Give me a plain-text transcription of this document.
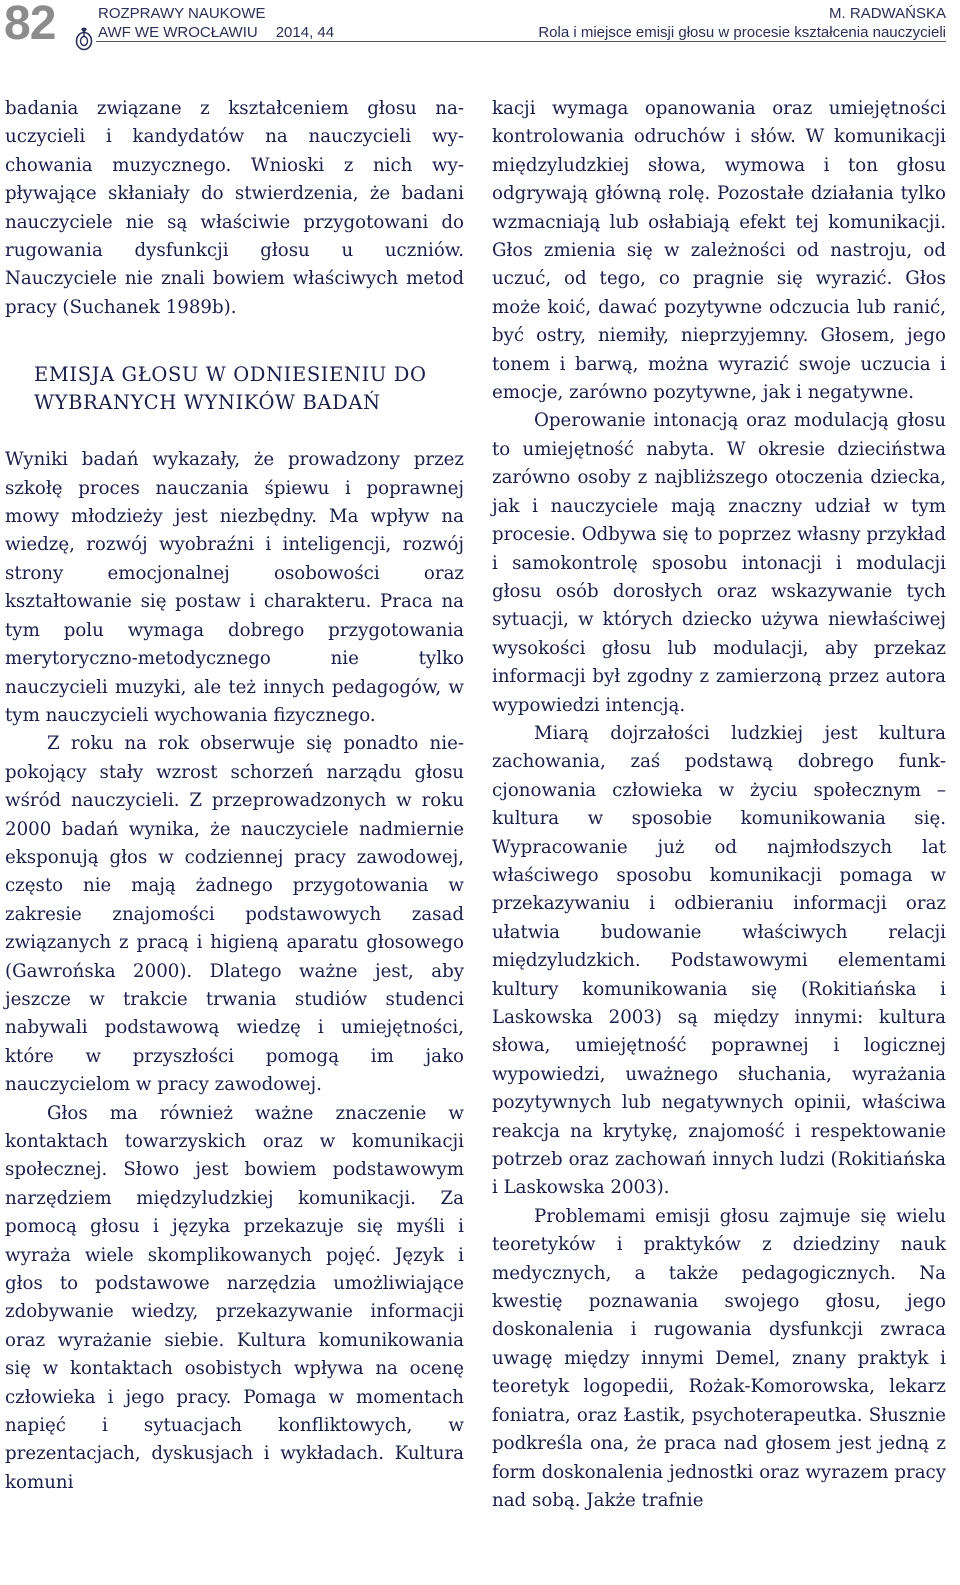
82	ROZPRAWY NAUKOWE
AWF WE WROCŁAWIU 2014, 44
M. RADWAŃSKA
Rola i miejsce emisji głosu w procesie kształcenia nauczycieli

badania związane z kształceniem głosu nauczycieli i kandydatów na nauczycieli wychowania muzycznego. Wnioski z nich wypływające skłaniały do stwierdzenia, że badani nauczyciele nie są właściwie przygotowani do rugowania dysfunkcji głosu u uczniów. Nauczyciele nie znali bowiem właściwych metod pracy (Suchanek 1989b).

EMISJA GŁOSU W ODNIESIENIU DO WYBRANYCH WYNIKÓW BADAŃ

Wyniki badań wykazały, że prowadzony przez szkołę proces nauczania śpiewu i poprawnej mowy młodzieży jest niezbędny. Ma wpływ na wiedzę, rozwój wyobraźni i inteligencji, rozwój strony emocjonalnej osobowości oraz kształtowanie się postaw i charakteru. Praca na tym polu wymaga dobrego przygotowania merytoryczno-metodycznego nie tylko nauczycieli muzyki, ale też innych pedagogów, w tym nauczycieli wychowania fizycznego.

Z roku na rok obserwuje się ponadto niepokojący stały wzrost schorzeń narządu głosu wśród nauczycieli. Z przeprowadzonych w roku 2000 badań wynika, że nauczyciele nadmiernie eksponują głos w codziennej pracy zawodowej, często nie mają żadnego przygotowania w zakresie znajomości podstawowych zasad związanych z pracą i higieną aparatu głosowego (Gawrońska 2000). Dlatego ważne jest, aby jeszcze w trakcie trwania studiów studenci nabywali podstawową wiedzę i umiejętności, które w przyszłości pomogą im jako nauczycielom w pracy zawodowej.

Głos ma również ważne znaczenie w kontaktach towarzyskich oraz w komunikacji społecznej. Słowo jest bowiem podstawowym narzędziem międzyludzkiej komunikacji. Za pomocą głosu i języka przekazuje się myśli i wyraża wiele skomplikowanych pojęć. Język i głos to podstawowe narzędzia umożliwiające zdobywanie wiedzy, przekazywanie informacji oraz wyrażanie siebie. Kultura komunikowania się w kontaktach osobistych wpływa na ocenę człowieka i jego pracy. Pomaga w momentach napięć i sytuacjach konfliktowych, w prezentacjach, dyskusjach i wykładach. Kultura komuni

kacji wymaga opanowania oraz umiejętności kontrolowania odruchów i słów. W komunikacji międzyludzkiej słowa, wymowa i ton głosu odgrywają główną rolę. Pozostałe działania tylko wzmacniają lub osłabiają efekt tej komunikacji. Głos zmienia się w zależności od nastroju, od uczuć, od tego, co pragnie się wyrazić. Głos może koić, dawać pozytywne odczucia lub ranić, być ostry, niemiły, nieprzyjemny. Głosem, jego tonem i barwą, można wyrazić swoje uczucia i emocje, zarówno pozytywne, jak i negatywne.

Operowanie intonacją oraz modulacją głosu to umiejętność nabyta. W okresie dzieciństwa zarówno osoby z najbliższego otoczenia dziecka, jak i nauczyciele mają znaczny udział w tym procesie. Odbywa się to poprzez własny przykład i samokontrolę sposobu intonacji i modulacji głosu osób dorosłych oraz wskazywanie tych sytuacji, w których dziecko używa niewłaściwej wysokości głosu lub modulacji, aby przekaz informacji był zgodny z zamierzoną przez autora wypowiedzi intencją.

Miarą dojrzałości ludzkiej jest kultura zachowania, zaś podstawą dobrego funkcjonowania człowieka w życiu społecznym – kultura w sposobie komunikowania się. Wypracowanie już od najmłodszych lat właściwego sposobu komunikacji pomaga w przekazywaniu i odbieraniu informacji oraz ułatwia budowanie właściwych relacji międzyludzkich. Podstawowymi elementami kultury komunikowania się (Rokitiańska i Laskowska 2003) są między innymi: kultura słowa, umiejętność poprawnej i logicznej wypowiedzi, uważnego słuchania, wyrażania pozytywnych lub negatywnych opinii, właściwa reakcja na krytykę, znajomość i respektowanie potrzeb oraz zachowań innych ludzi (Rokitiańska i Laskowska 2003).

Problemami emisji głosu zajmuje się wielu teoretyków i praktyków z dziedziny nauk medycznych, a także pedagogicznych. Na kwestię poznawania swojego głosu, jego doskonalenia i rugowania dysfunkcji zwraca uwagę między innymi Demel, znany praktyk i teoretyk logopedii, Rożak-Komorowska, lekarz foniatra, oraz Łastik, psychoterapeutka. Słusznie podkreśla ona, że praca nad głosem jest jedną z form doskonalenia jednostki oraz wyrazem pracy nad sobą. Jakże trafnie
